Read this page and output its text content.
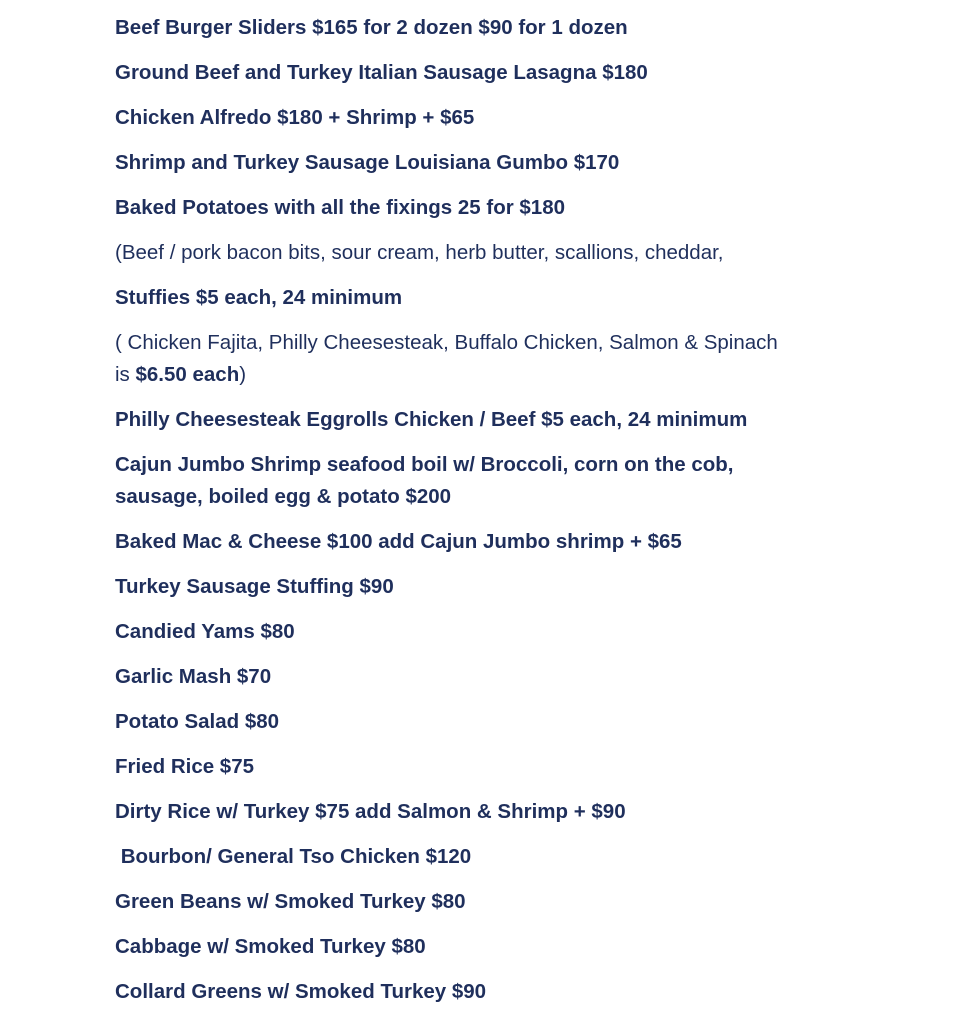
Beef Burger Sliders $165 for 2 dozen $90 for 1 dozen

Ground Beef and Turkey Italian Sausage Lasagna $180

Chicken Alfredo $180 + Shrimp + $65

Shrimp and Turkey Sausage Louisiana Gumbo $170

Baked Potatoes with all the fixings 25 for $180

(Beef / pork bacon bits, sour cream, herb butter, scallions, cheddar,

Stuffies $5 each, 24 minimum

( Chicken Fajita, Philly Cheesesteak, Buffalo Chicken, Salmon & Spinach

is $6.50 each)

Philly Cheesesteak Eggrolls Chicken / Beef $5 each, 24 minimum

Cajun Jumbo Shrimp seafood boil w/ Broccoli, corn on the cob,

sausage, boiled egg & potato $200

Baked Mac & Cheese $100 add Cajun Jumbo shrimp + $65

Turkey Sausage Stuffing $90

Candied Yams $80

Garlic Mash $70

Potato Salad $80

Fried Rice $75

Dirty Rice w/ Turkey $75 add Salmon & Shrimp + $90

Bourbon/ General Tso Chicken $120

Green Beans w/ Smoked Turkey $80

Cabbage w/ Smoked Turkey $80

Collard Greens w/ Smoked Turkey $90
